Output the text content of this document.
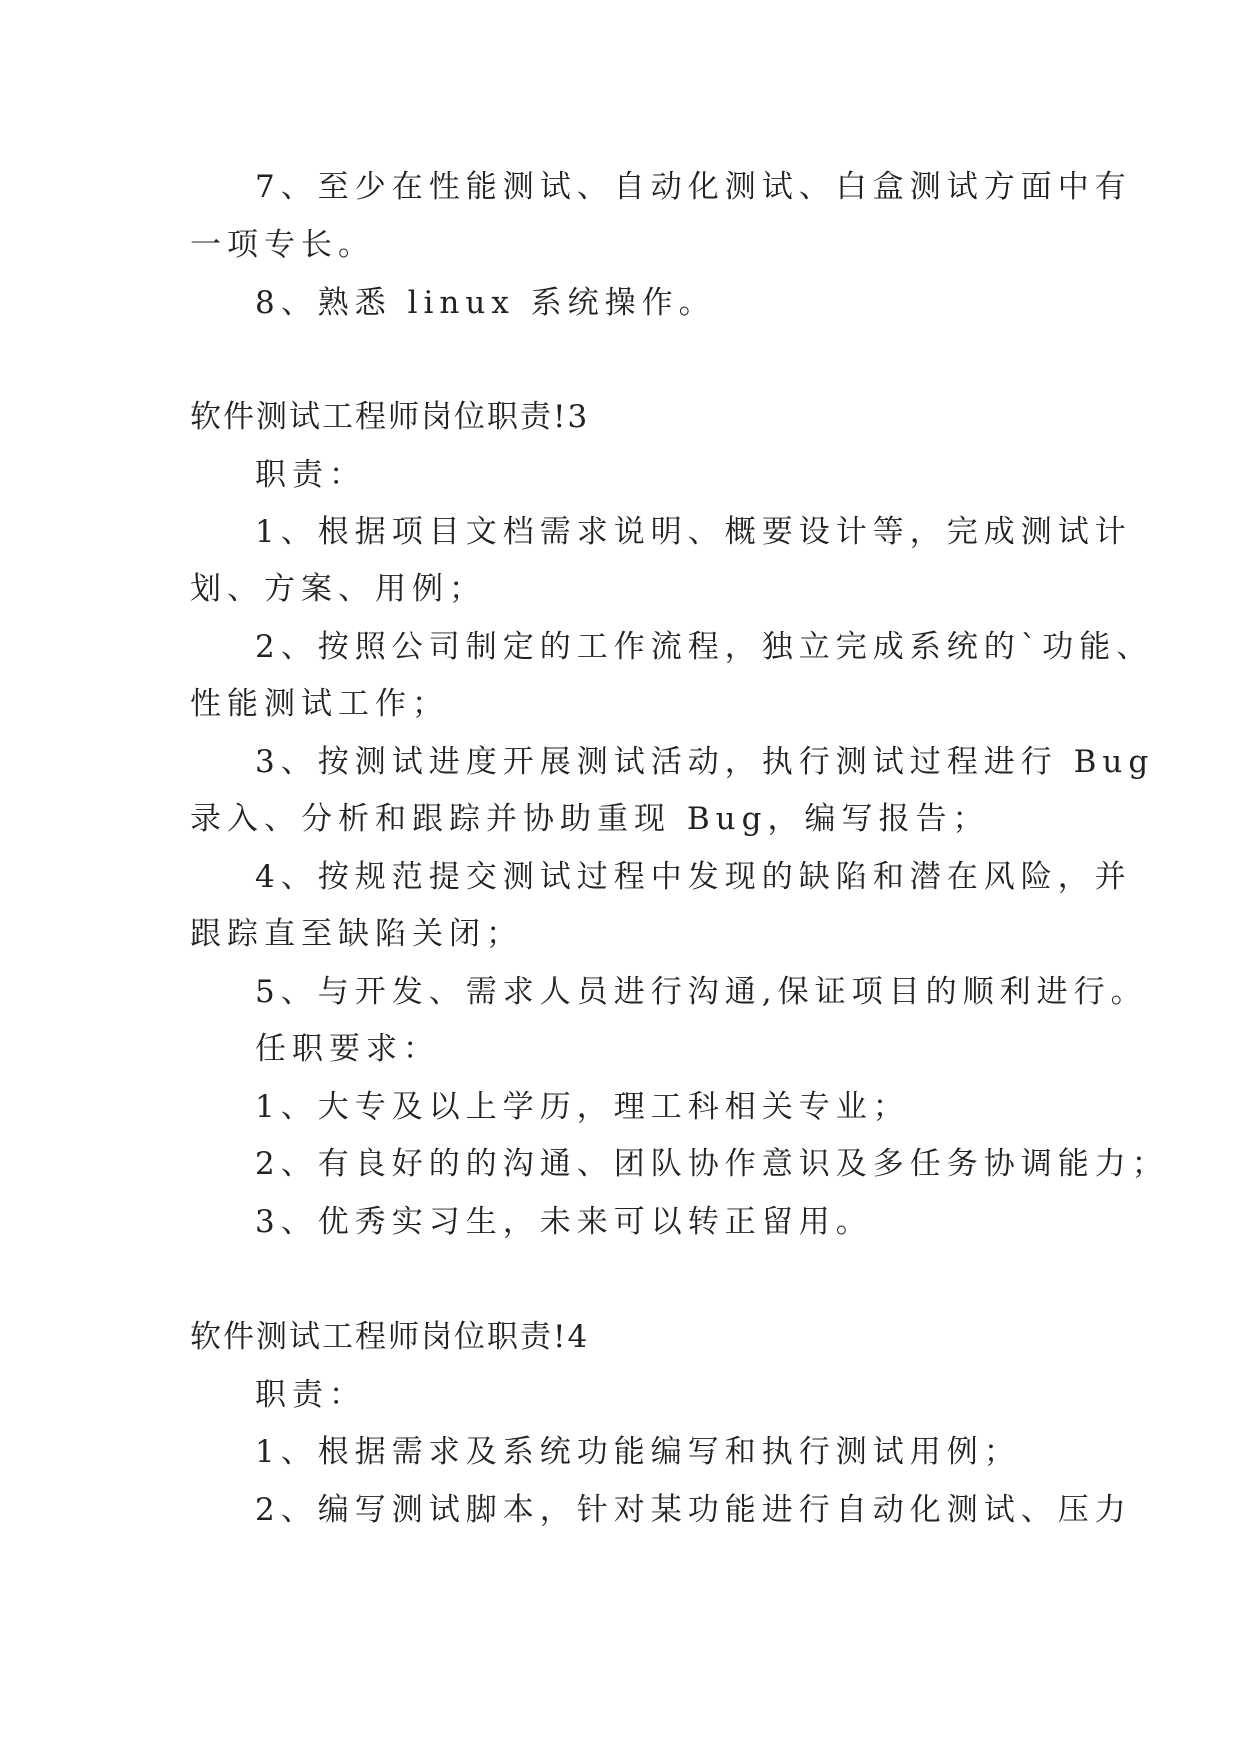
7、至少在性能测试、自动化测试、白盒测试方面中有
一项专长。
8、熟悉 linux 系统操作。
软件测试工程师岗位职责!3
职责：
1、根据项目文档需求说明、概要设计等，完成测试计
划、方案、用例；
2、按照公司制定的工作流程，独立完成系统的`功能、
性能测试工作；
3、按测试进度开展测试活动，执行测试过程进行 Bug
录入、分析和跟踪并协助重现 Bug，编写报告；
4、按规范提交测试过程中发现的缺陷和潜在风险，并
跟踪直至缺陷关闭；
5、与开发、需求人员进行沟通,保证项目的顺利进行。
任职要求：
1、大专及以上学历，理工科相关专业；
2、有良好的的沟通、团队协作意识及多任务协调能力；
3、优秀实习生，未来可以转正留用。
软件测试工程师岗位职责!4
职责：
1、根据需求及系统功能编写和执行测试用例；
2、编写测试脚本，针对某功能进行自动化测试、压力
